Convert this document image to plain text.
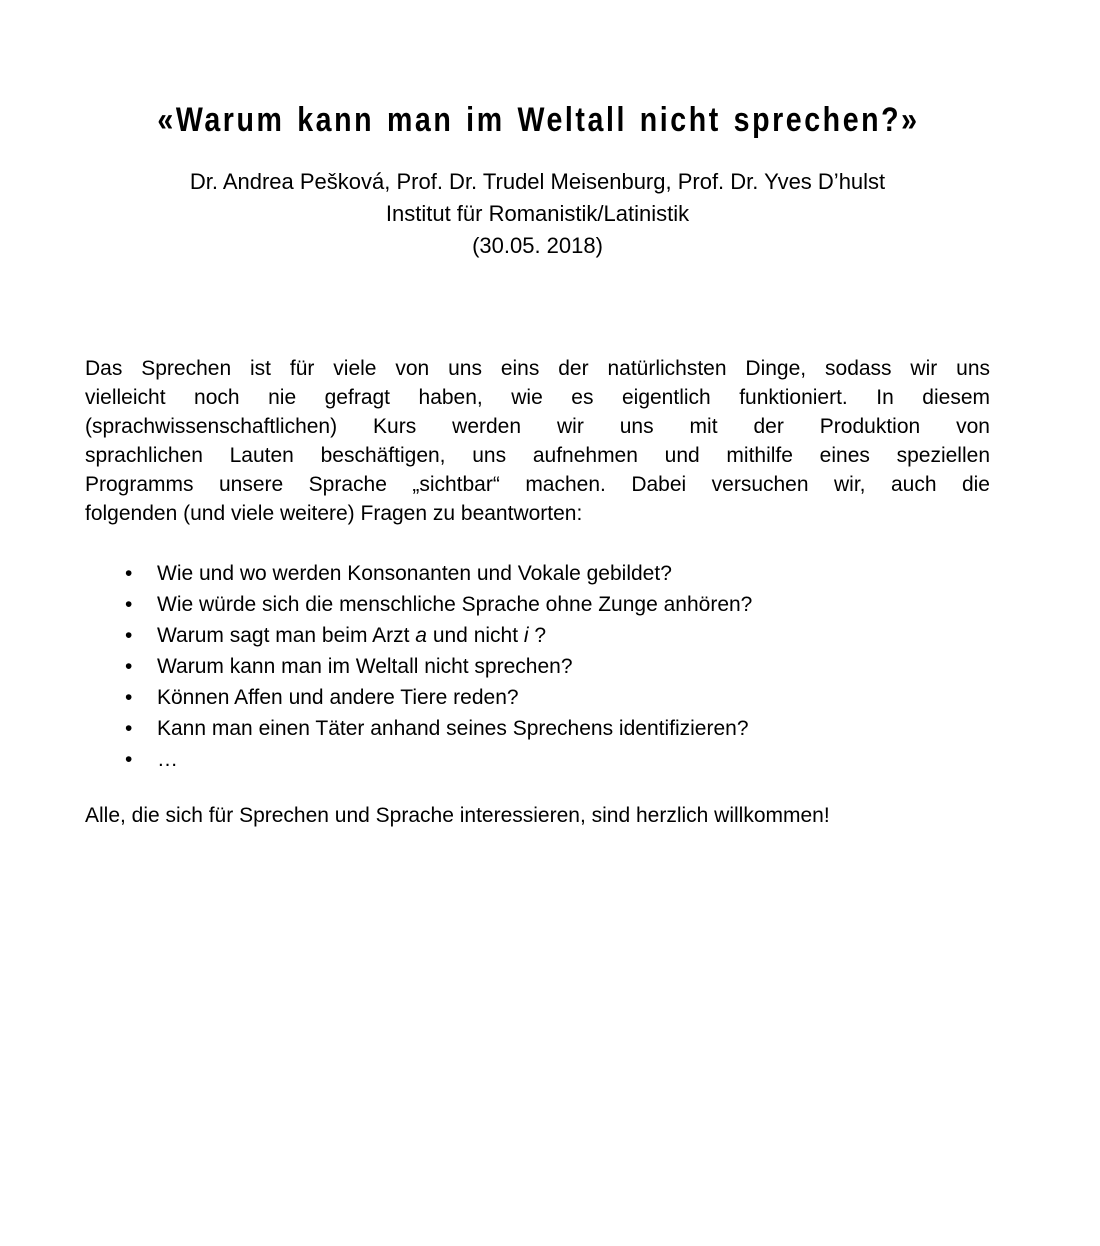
«Warum kann man im Weltall nicht sprechen?»

Dr. Andrea Pešková, Prof. Dr. Trudel Meisenburg, Prof. Dr. Yves D’hulst

Institut für Romanistik/Latinistik

(30.05. 2018)

Das Sprechen ist für viele von uns eins der natürlichsten Dinge, sodass wir uns
vielleicht noch nie gefragt haben, wie es eigentlich funktioniert. In diesem
(sprachwissenschaftlichen) Kurs werden wir uns mit der Produktion von
sprachlichen Lauten beschäftigen, uns aufnehmen und mithilfe eines speziellen
Programms unsere Sprache „sichtbar“ machen. Dabei versuchen wir, auch die
folgenden (und viele weitere) Fragen zu beantworten:
• Wie und wo werden Konsonanten und Vokale gebildet?
• Wie würde sich die menschliche Sprache ohne Zunge anhören?
• Warum sagt man beim Arzt a und nicht i ?
• Warum kann man im Weltall nicht sprechen?
• Können Affen und andere Tiere reden?
• Kann man einen Täter anhand seines Sprechens identifizieren?
• …

Alle, die sich für Sprechen und Sprache interessieren, sind herzlich willkommen!
